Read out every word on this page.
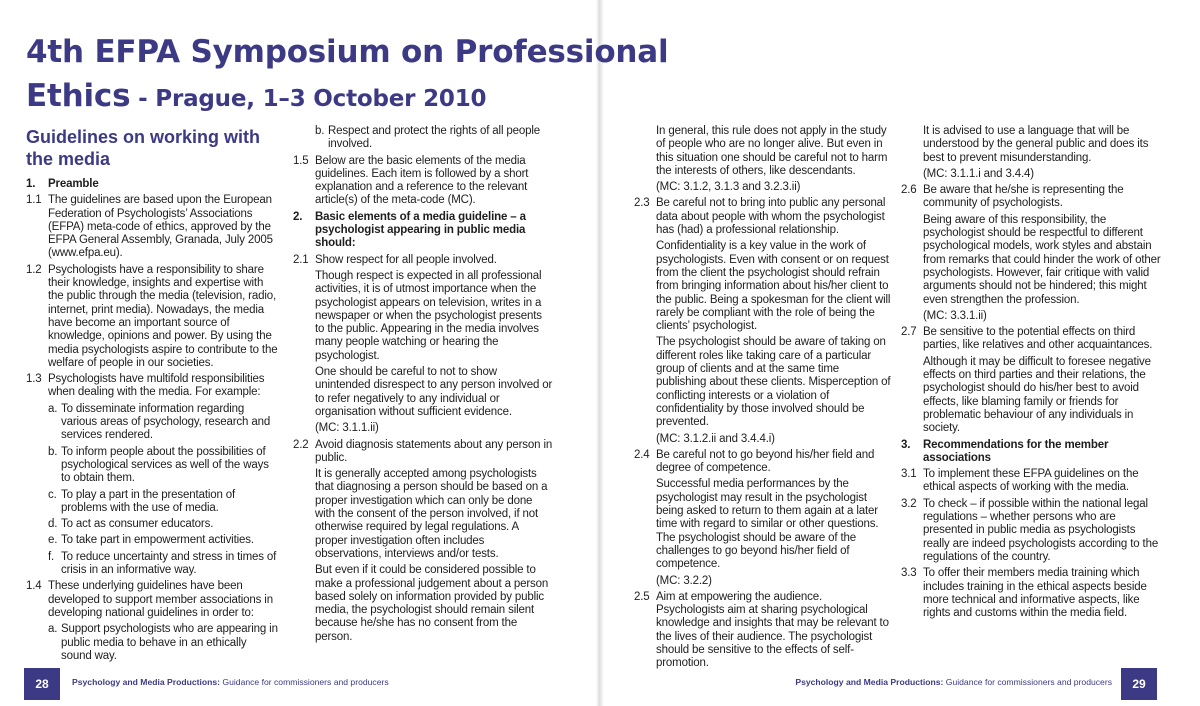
4th EFPA Symposium on Professional
Ethics - Prague, 1–3 October 2010
Guidelines on working with the media
1.	Preamble
1.1 The guidelines are based upon the European Federation of Psychologists’ Associations (EFPA) meta-code of ethics, approved by the EFPA General Assembly, Granada, July 2005 (www.efpa.eu).
1.2 Psychologists have a responsibility to share their knowledge, insights and expertise with the public through the media (television, radio, internet, print media). Nowadays, the media have become an important source of knowledge, opinions and power. By using the media psychologists aspire to contribute to the welfare of people in our societies.
1.3 Psychologists have multifold responsibilities when dealing with the media. For example:
a. To disseminate information regarding various areas of psychology, research and services rendered.
b. To inform people about the possibilities of psychological services as well of the ways to obtain them.
c. To play a part in the presentation of problems with the use of media.
d. To act as consumer educators.
e. To take part in empowerment activities.
f. To reduce uncertainty and stress in times of crisis in an informative way.
1.4 These underlying guidelines have been developed to support member associations in developing national guidelines in order to:
a. Support psychologists who are appearing in public media to behave in an ethically sound way.
b. Respect and protect the rights of all people involved.
1.5 Below are the basic elements of the media guidelines. Each item is followed by a short explanation and a reference to the relevant article(s) of the meta-code (MC).
2.	Basic elements of a media guideline – a psychologist appearing in public media should:
2.1 Show respect for all people involved.
Though respect is expected in all professional activities, it is of utmost importance when the psychologist appears on television, writes in a newspaper or when the psychologist presents to the public. Appearing in the media involves many people watching or hearing the psychologist.
One should be careful to not to show unintended disrespect to any person involved or to refer negatively to any individual or organisation without sufficient evidence.
(MC: 3.1.1.ii)
2.2 Avoid diagnosis statements about any person in public.
It is generally accepted among psychologists that diagnosing a person should be based on a proper investigation which can only be done with the consent of the person involved, if not otherwise required by legal regulations. A proper investigation often includes observations, interviews and/or tests.
But even if it could be considered possible to make a professional judgement about a person based solely on information provided by public media, the psychologist should remain silent because he/she has no consent from the person.
In general, this rule does not apply in the study of people who are no longer alive. But even in this situation one should be careful not to harm the interests of others, like descendants.
(MC: 3.1.2, 3.1.3 and 3.2.3.ii)
2.3 Be careful not to bring into public any personal data about people with whom the psychologist has (had) a professional relationship.
Confidentiality is a key value in the work of psychologists. Even with consent or on request from the client the psychologist should refrain from bringing information about his/her client to the public. Being a spokesman for the client will rarely be compliant with the role of being the clients’ psychologist.
The psychologist should be aware of taking on different roles like taking care of a particular group of clients and at the same time publishing about these clients. Misperception of conflicting interests or a violation of confidentiality by those involved should be prevented.
(MC: 3.1.2.ii and 3.4.4.i)
2.4 Be careful not to go beyond his/her field and degree of competence.
Successful media performances by the psychologist may result in the psychologist being asked to return to them again at a later time with regard to similar or other questions. The psychologist should be aware of the challenges to go beyond his/her field of competence.
(MC: 3.2.2)
2.5 Aim at empowering the audience. Psychologists aim at sharing psychological knowledge and insights that may be relevant to the lives of their audience. The psychologist should be sensitive to the effects of self-promotion.
It is advised to use a language that will be understood by the general public and does its best to prevent misunderstanding.
(MC: 3.1.1.i and 3.4.4)
2.6 Be aware that he/she is representing the community of psychologists.
Being aware of this responsibility, the psychologist should be respectful to different psychological models, work styles and abstain from remarks that could hinder the work of other psychologists. However, fair critique with valid arguments should not be hindered; this might even strengthen the profession.
(MC: 3.3.1.ii)
2.7 Be sensitive to the potential effects on third parties, like relatives and other acquaintances.
Although it may be difficult to foresee negative effects on third parties and their relations, the psychologist should do his/her best to avoid effects, like blaming family or friends for problematic behaviour of any individuals in society.
3.	Recommendations for the member associations
3.1 To implement these EFPA guidelines on the ethical aspects of working with the media.
3.2 To check – if possible within the national legal regulations – whether persons who are presented in public media as psychologists really are indeed psychologists according to the regulations of the country.
3.3 To offer their members media training which includes training in the ethical aspects beside more technical and informative aspects, like rights and customs within the media field.
28	Psychology and Media Productions: Guidance for commissioners and producers	Psychology and Media Productions: Guidance for commissioners and producers	29
